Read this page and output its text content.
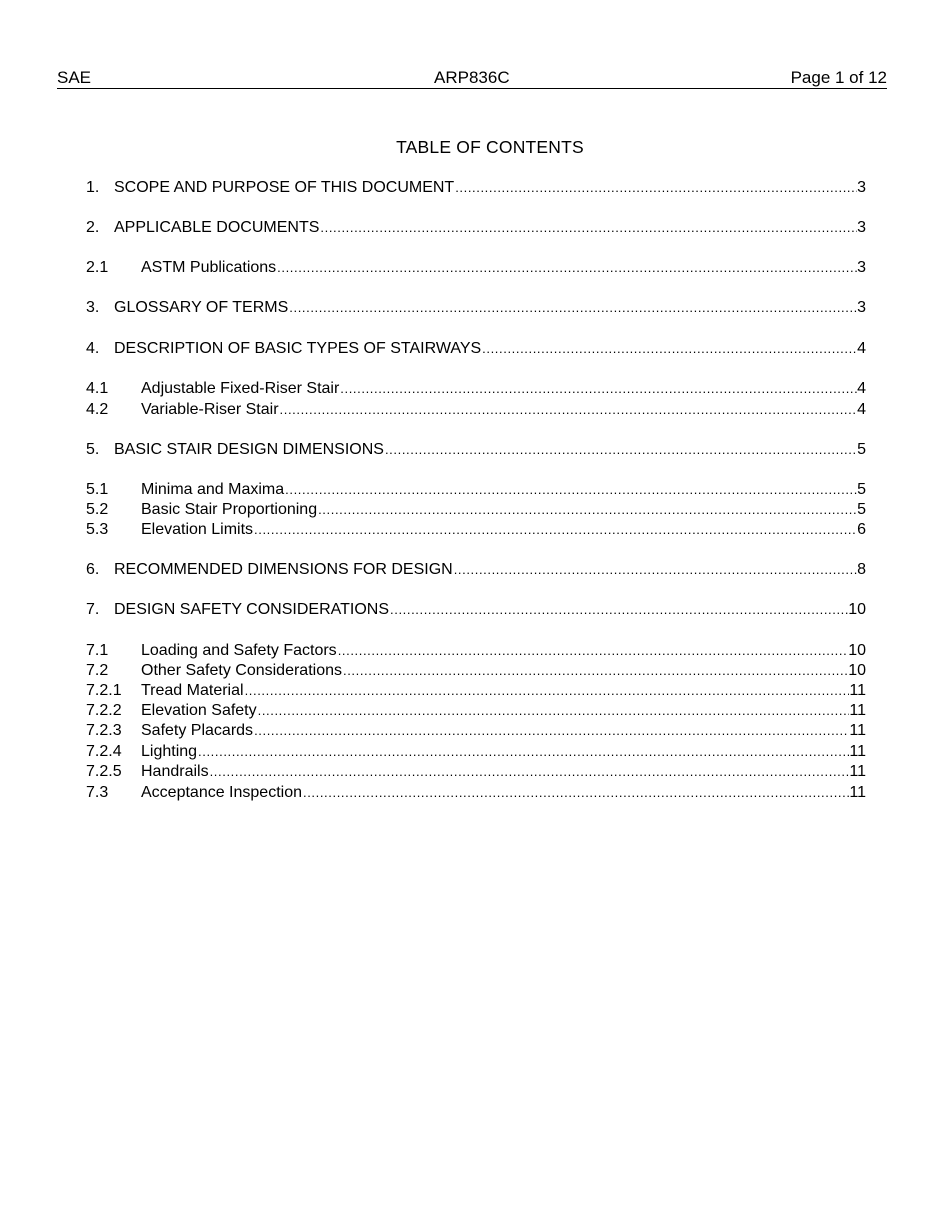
SAE	ARP836C	Page 1 of 12
TABLE OF CONTENTS
1. SCOPE AND PURPOSE OF THIS DOCUMENT .....	3
2. APPLICABLE DOCUMENTS .....	3
2.1	ASTM Publications .....	3
3. GLOSSARY OF TERMS .....	3
4. DESCRIPTION OF BASIC TYPES OF STAIRWAYS .....	4
4.1	Adjustable Fixed-Riser Stair .....	4
4.2	Variable-Riser Stair .....	4
5. BASIC STAIR DESIGN DIMENSIONS .....	5
5.1	Minima and Maxima .....	5
5.2	Basic Stair Proportioning .....	5
5.3	Elevation Limits .....	6
6. RECOMMENDED DIMENSIONS FOR DESIGN .....	8
7. DESIGN SAFETY CONSIDERATIONS .....	10
7.1	Loading and Safety Factors .....	10
7.2	Other Safety Considerations .....	10
7.2.1	Tread Material .....	11
7.2.2	Elevation Safety .....	11
7.2.3	Safety Placards .....	11
7.2.4	Lighting .....	11
7.2.5	Handrails .....	11
7.3	Acceptance Inspection .....	11
